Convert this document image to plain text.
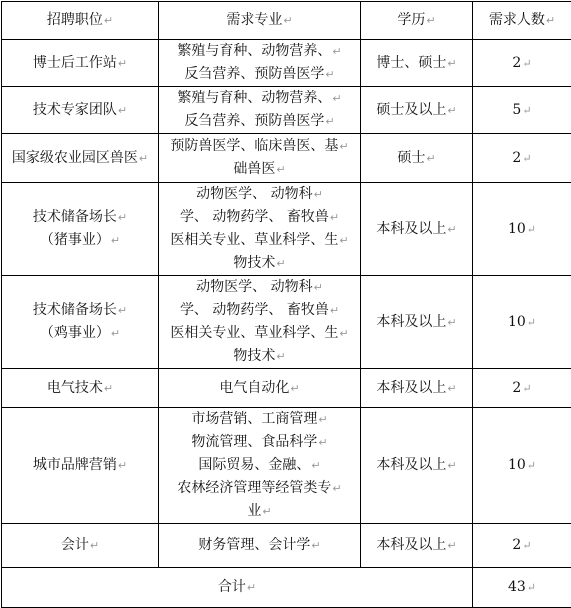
招聘职位↵	需求专业↵	学历↵	需求人数↵

博士后工作站↵	繁殖与育种、动物营养、↵
反刍营养、预防兽医学↵	博士、硕士↵	2↵

技术专家团队↵	繁殖与育种、动物营养、↵
反刍营养、预防兽医学↵	硕士及以上↵	5↵

国家级农业园区兽医↵	预防兽医学、临床兽医、基↵
础兽医↵	硕士↵	2↵

技术储备场长↵
（猪事业）↵	动物医学、 动物科↵
学、 动物药学、 畜牧兽↵
医相关专业、草业科学、生↵
物技术↵	本科及以上↵	10↵

技术储备场长↵
（鸡事业）↵	动物医学、 动物科↵
学、 动物药学、 畜牧兽↵
医相关专业、草业科学、生↵
物技术↵	本科及以上↵	10↵

电气技术↵	电气自动化↵	本科及以上↵	2↵

城市品牌营销↵	市场营销、工商管理↵
物流管理、食品科学↵
国际贸易、金融、↵
农林经济管理等经管类专↵
业↵	本科及以上↵	10↵

会计↵	财务管理、会计学↵	本科及以上↵	2↵
合计↵			43↵
